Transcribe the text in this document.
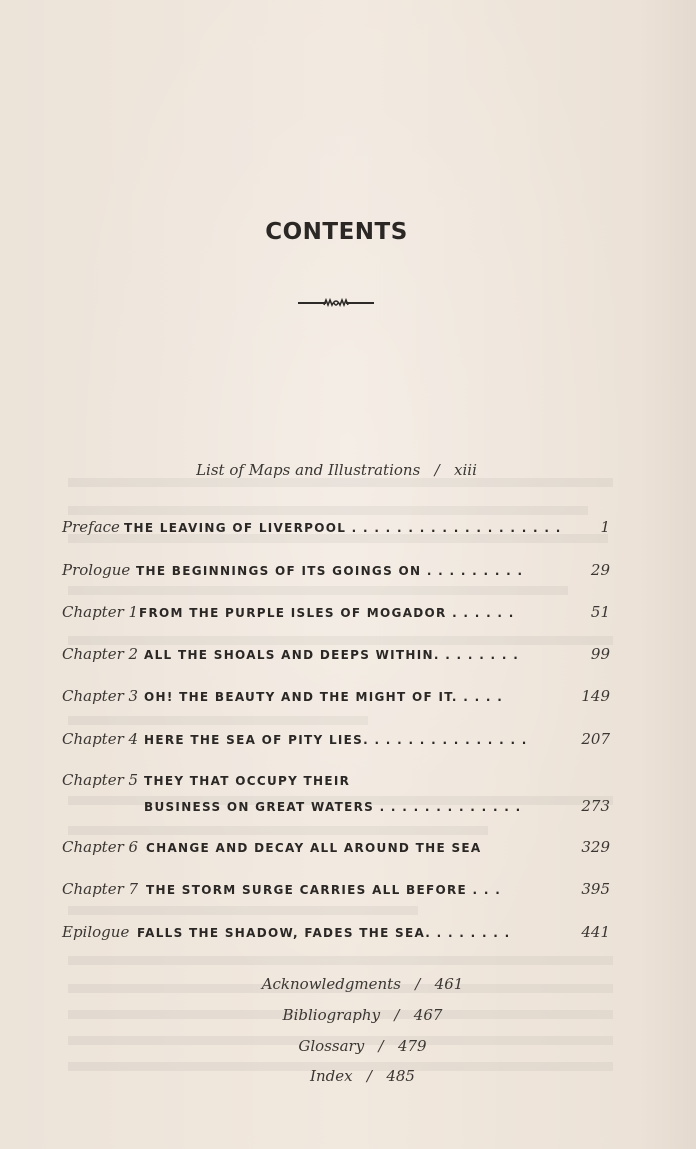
CONTENTS
List of Maps and Illustrations / xiii
Preface THE LEAVING OF LIVERPOOL . . . . . . . . . . . . . . . . . . .	1
Prologue THE BEGINNINGS OF ITS GOINGS ON . . . . . . . . .	29
Chapter 1 FROM THE PURPLE ISLES OF MOGADOR . . . . . .	51
Chapter 2 ALL THE SHOALS AND DEEPS WITHIN. . . . . . . .	99
Chapter 3 OH! THE BEAUTY AND THE MIGHT OF IT. . . . .	149
Chapter 4 HERE THE SEA OF PITY LIES. . . . . . . . . . . . . . .	207
Chapter 5 THEY THAT OCCUPY THEIR
BUSINESS ON GREAT WATERS . . . . . . . . . . . . .	273
Chapter 6 CHANGE AND DECAY ALL AROUND THE SEA	329
Chapter 7 THE STORM SURGE CARRIES ALL BEFORE . . .	395
Epilogue FALLS THE SHADOW, FADES THE SEA. . . . . . . .	441
Acknowledgments / 461
Bibliography / 467
Glossary / 479
Index / 485
